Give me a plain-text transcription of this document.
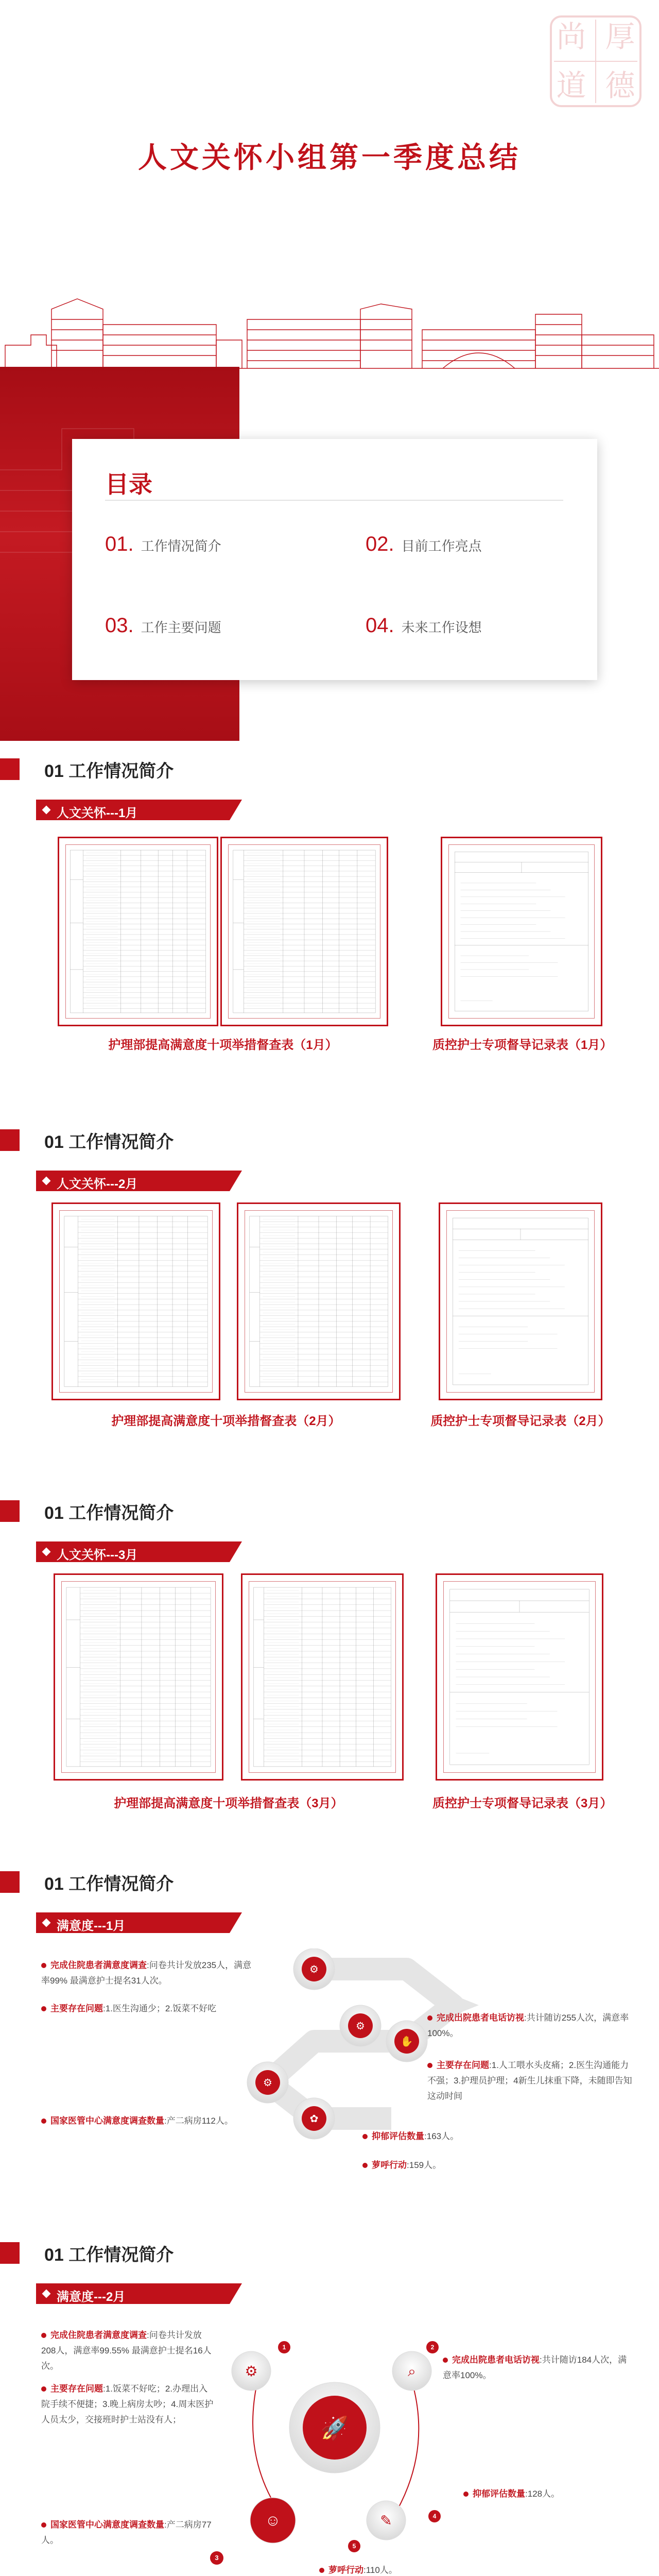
尚 厚
道 德
人文关怀小组第一季度总结
目录
01. 工作情况简介	02. 目前工作亮点
03. 工作主要问题	04. 未来工作设想
01 工作情况简介
人文关怀---1月
护理部提高满意度十项举措督查表（1月）	质控护士专项督导记录表（1月）
01 工作情况简介
人文关怀---2月
护理部提高满意度十项举措督查表（2月）	质控护士专项督导记录表（2月）
01 工作情况简介
人文关怀---3月
护理部提高满意度十项举措督查表（3月）	质控护士专项督导记录表（3月）
01 工作情况简介
满意度---1月
⚙
⚙
⚙
✿
✋
完成住院患者满意度调查:问卷共计发放235人，满意率99% 最满意护士提名31人次。
主要存在问题:1.医生沟通少；2.饭菜不好吃
完成出院患者电话访视:共计随访255人次，满意率100%。
主要存在问题:1.人工喂水头皮痛；2.医生沟通能力不强；3.护理员护理；4新生儿抹重下降，未随即告知这动时间
国家医管中心满意度调查数量:产二病房112人。
抑郁评估数量:163人。
萝呼行动:159人。
01 工作情况简介
满意度---2月
🚀
⚙	⌕
☺	✎
1	2
4
5
3
完成住院患者满意度调查:问卷共计发放208人，满意率99.55% 最满意护士提名16人次。
主要存在问题:1.饭菜不好吃；2.办理出入院手续不便捷；3.晚上病房太吵；4.周末医护人员太少，交接班时护士站没有人；
完成出院患者电话访视:共计随访184人次，满意率100%。
抑郁评估数量:128人。
国家医管中心满意度调查数量:产二病房77人。
萝呼行动:110人。
